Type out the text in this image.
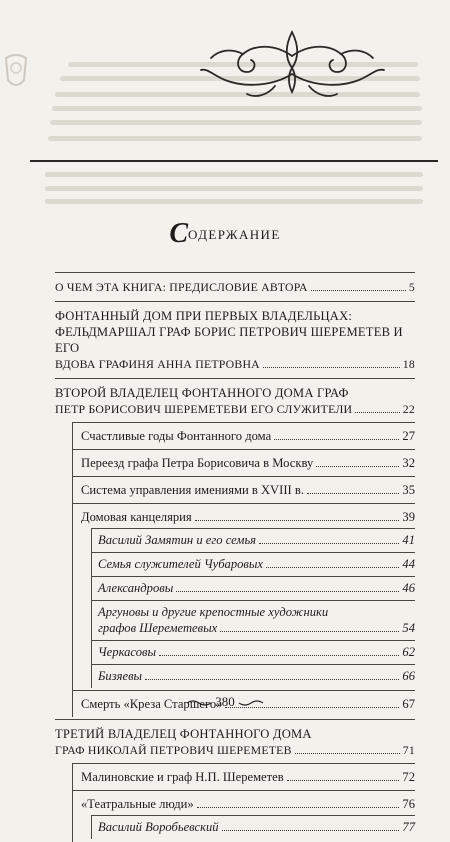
Содержание
О ЧЕМ ЭТА КНИГА: ПРЕДИСЛОВИЕ АВТОРА	5
ФОНТАННЫЙ ДОМ ПРИ ПЕРВЫХ ВЛАДЕЛЬЦАХ:
ФЕЛЬДМАРШАЛ ГРАФ БОРИС ПЕТРОВИЧ ШЕРЕМЕТЕВ И ЕГО
ВДОВА ГРАФИНЯ АННА ПЕТРОВНА	18
ВТОРОЙ ВЛАДЕЛЕЦ ФОНТАННОГО ДОМА ГРАФ
ПЕТР БОРИСОВИЧ ШЕРЕМЕТЕВИ ЕГО СЛУЖИТЕЛИ	22
Счастливые годы Фонтанного дома	27
Переезд графа Петра Борисовича в Москву	32
Система управления имениями в XVIII в.	35
Домовая канцелярия	39
Василий Замятин и его семья	41
Семья служителей Чубаровых	44
Александровы	46
Аргуновы и другие крепостные художники
графов Шереметевых	54
Черкасовы	62
Бизяевы	66
Смерть «Креза Старшего»	67
ТРЕТИЙ ВЛАДЕЛЕЦ ФОНТАННОГО ДОМА
ГРАФ НИКОЛАЙ ПЕТРОВИЧ ШЕРЕМЕТЕВ	71
Малиновские и граф Н.П. Шереметев	72
«Театральные люди»	76
Василий Воробьевский	77
380
